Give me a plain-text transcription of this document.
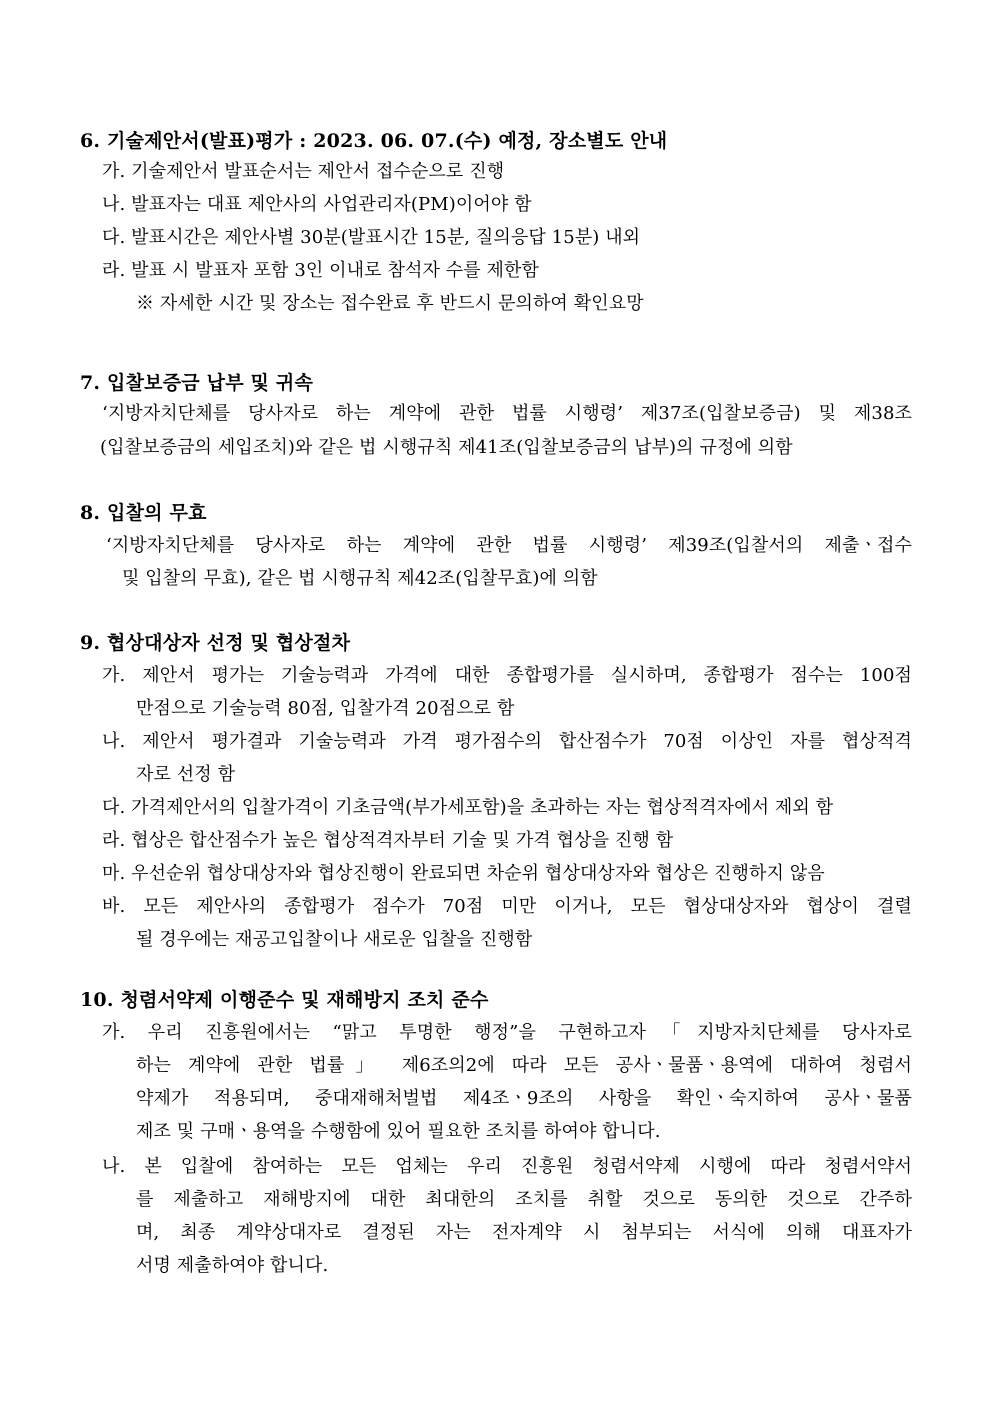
6. 기술제안서(발표)평가 : 2023. 06. 07.(수) 예정, 장소별도 안내
가. 기술제안서 발표순서는 제안서 접수순으로 진행
나. 발표자는 대표 제안사의 사업관리자(PM)이어야 함
다. 발표시간은 제안사별 30분(발표시간 15분, 질의응답 15분) 내외
라. 발표 시 발표자 포함 3인 이내로 참석자 수를 제한함
※ 자세한 시간 및 장소는 접수완료 후 반드시 문의하여 확인요망
7. 입찰보증금 납부 및 귀속
‘지방자치단체를 당사자로 하는 계약에 관한 법률 시행령’ 제37조(입찰보증금) 및 제38조
(입찰보증금의 세입조치)와 같은 법 시행규칙 제41조(입찰보증금의 납부)의 규정에 의함
8. 입찰의 무효
‘지방자치단체를 당사자로 하는 계약에 관한 법률 시행령’ 제39조(입찰서의 제출ㆍ접수
및 입찰의 무효), 같은 법 시행규칙 제42조(입찰무효)에 의함
9. 협상대상자 선정 및 협상절차
가. 제안서 평가는 기술능력과 가격에 대한 종합평가를 실시하며, 종합평가 점수는 100점
만점으로 기술능력 80점, 입찰가격 20점으로 함
나. 제안서 평가결과 기술능력과 가격 평가점수의 합산점수가 70점 이상인 자를 협상적격
자로 선정 함
다. 가격제안서의 입찰가격이 기초금액(부가세포함)을 초과하는 자는 협상적격자에서 제외 함
라. 협상은 합산점수가 높은 협상적격자부터 기술 및 가격 협상을 진행 함
마. 우선순위 협상대상자와 협상진행이 완료되면 차순위 협상대상자와 협상은 진행하지 않음
바. 모든 제안사의 종합평가 점수가 70점 미만 이거나, 모든 협상대상자와 협상이 결렬
될 경우에는 재공고입찰이나 새로운 입찰을 진행함
10. 청렴서약제 이행준수 및 재해방지 조치 준수
가. 우리 진흥원에서는 “맑고 투명한 행정”을 구현하고자「지방자치단체를 당사자로
하는 계약에 관한 법률」 제6조의2에 따라 모든 공사ㆍ물품ㆍ용역에 대하여 청렴서
약제가 적용되며, 중대재해처벌법 제4조ㆍ9조의 사항을 확인ㆍ숙지하여 공사ㆍ물품
제조 및 구매ㆍ용역을 수행함에 있어 필요한 조치를 하여야 합니다.
나. 본 입찰에 참여하는 모든 업체는 우리 진흥원 청렴서약제 시행에 따라 청렴서약서
를 제출하고 재해방지에 대한 최대한의 조치를 취할 것으로 동의한 것으로 간주하
며, 최종 계약상대자로 결정된 자는 전자계약 시 첨부되는 서식에 의해 대표자가
서명 제출하여야 합니다.
